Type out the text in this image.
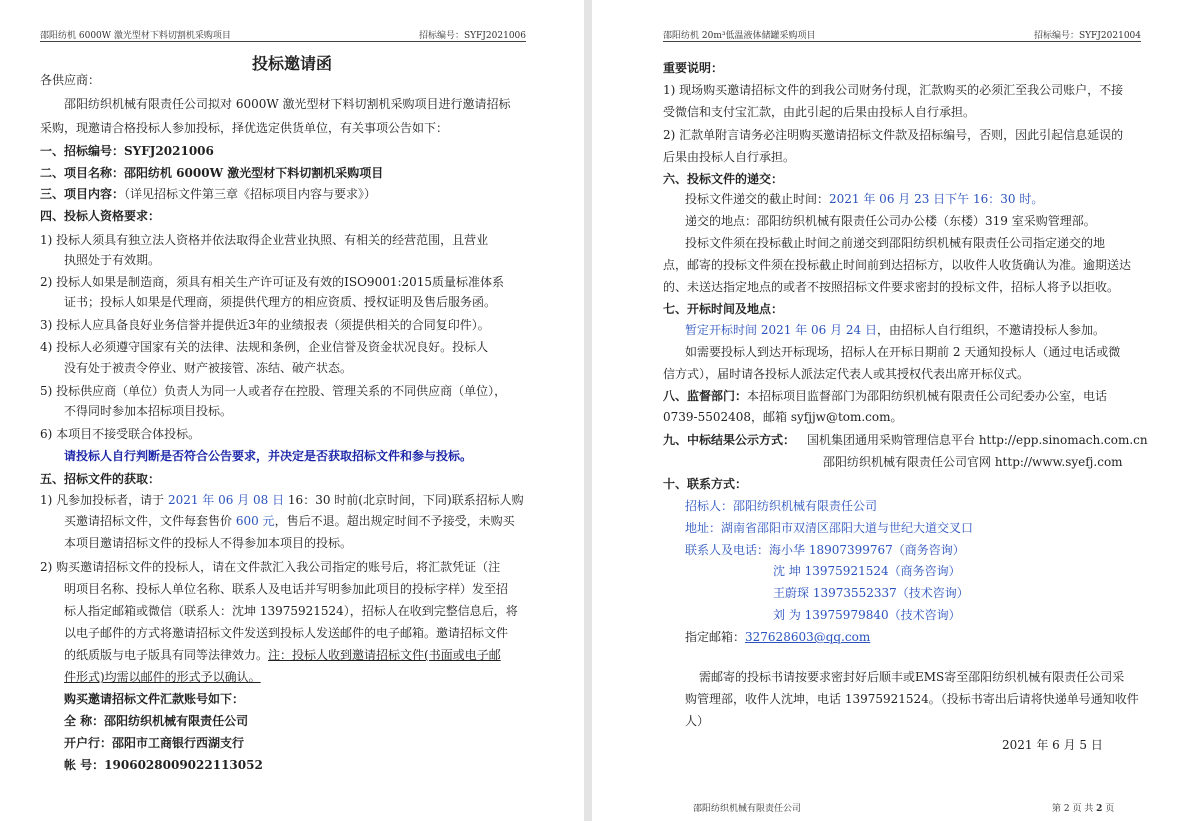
邵阳纺机 6000W 激光型材下料切割机采购项目	招标编号：SYFJ2021006
投标邀请函
各供应商：
邵阳纺织机械有限责任公司拟对 6000W 激光型材下料切割机采购项目进行邀请招标
采购，现邀请合格投标人参加投标，择优选定供货单位，有关事项公告如下：
一、招标编号：SYFJ2021006
二、项目名称：邵阳纺机 6000W 激光型材下料切割机采购项目
三、项目内容：（详见招标文件第三章《招标项目内容与要求》）
四、投标人资格要求：
1) 投标人须具有独立法人资格并依法取得企业营业执照、有相关的经营范围，且营业
执照处于有效期。
2) 投标人如果是制造商，须具有相关生产许可证及有效的ISO9001:2015质量标准体系
证书；投标人如果是代理商，须提供代理方的相应资质、授权证明及售后服务函。
3) 投标人应具备良好业务信誉并提供近3年的业绩报表（须提供相关的合同复印件）。
4) 投标人必须遵守国家有关的法律、法规和条例，企业信誉及资金状况良好。投标人
没有处于被责令停业、财产被接管、冻结、破产状态。
5) 投标供应商（单位）负责人为同一人或者存在控股、管理关系的不同供应商（单位），
不得同时参加本招标项目投标。
6) 本项目不接受联合体投标。
请投标人自行判断是否符合公告要求，并决定是否获取招标文件和参与投标。
五、招标文件的获取：
1) 凡参加投标者，请于 2021 年 06 月 08 日 16：30 时前(北京时间，下同)联系招标人购
买邀请招标文件，文件每套售价 600 元，售后不退。超出规定时间不予接受，未购买
本项目邀请招标文件的投标人不得参加本项目的投标。
2) 购买邀请招标文件的投标人，请在文件款汇入我公司指定的账号后，将汇款凭证（注
明项目名称、投标人单位名称、联系人及电话并写明参加此项目的投标字样）发至招
标人指定邮箱或微信（联系人：沈坤 13975921524），招标人在收到完整信息后，将
以电子邮件的方式将邀请招标文件发送到投标人发送邮件的电子邮箱。邀请招标文件
的纸质版与电子版具有同等法律效力。注：投标人收到邀请招标文件(书面或电子邮
件形式)均需以邮件的形式予以确认。
购买邀请招标文件汇款账号如下：
全 称：邵阳纺织机械有限责任公司
开户行：邵阳市工商银行西湖支行
帐 号：1906028009022113052
邵阳纺机 20m³低温液体储罐采购项目	招标编号：SYFJ2021004
重要说明：
1) 现场购买邀请招标文件的到我公司财务付现，汇款购买的必须汇至我公司账户，不接
受微信和支付宝汇款，由此引起的后果由投标人自行承担。
2) 汇款单附言请务必注明购买邀请招标文件款及招标编号，否则，因此引起信息延误的
后果由投标人自行承担。
六、投标文件的递交：
投标文件递交的截止时间：2021 年 06 月 23 日下午 16：30 时。
递交的地点：邵阳纺织机械有限责任公司办公楼（东楼）319 室采购管理部。
投标文件须在投标截止时间之前递交到邵阳纺织机械有限责任公司指定递交的地
点，邮寄的投标文件须在投标截止时间前到达招标方，以收件人收货确认为准。逾期送达
的、未送达指定地点的或者不按照招标文件要求密封的投标文件，招标人将予以拒收。
七、开标时间及地点：
暂定开标时间 2021 年 06 月 24 日，由招标人自行组织，不邀请投标人参加。
如需要投标人到达开标现场，招标人在开标日期前 2 天通知投标人（通过电话或微
信方式），届时请各投标人派法定代表人或其授权代表出席开标仪式。
八、监督部门：本招标项目监督部门为邵阳纺织机械有限责任公司纪委办公室，电话
0739-5502408，邮箱 syfjjw@tom.com。
九、中标结果公示方式： 国机集团通用采购管理信息平台 http://epp.sinomach.com.cn
邵阳纺织机械有限责任公司官网 http://www.syefj.com
十、联系方式：
招标人：邵阳纺织机械有限责任公司
地址：湖南省邵阳市双清区邵阳大道与世纪大道交叉口
联系人及电话：海小华 18907399767（商务咨询）
沈 坤 13975921524（商务咨询）
王蔚琛 13973552337（技术咨询）
刘 为 13975979840（技术咨询）
指定邮箱：327628603@qq.com
需邮寄的投标书请按要求密封好后顺丰或EMS寄至邵阳纺织机械有限责任公司采
购管理部，收件人沈坤，电话 13975921524。（投标书寄出后请将快递单号通知收件
人）
2021 年 6 月 5 日
邵阳纺织机械有限责任公司	第 2 页 共 2 页
